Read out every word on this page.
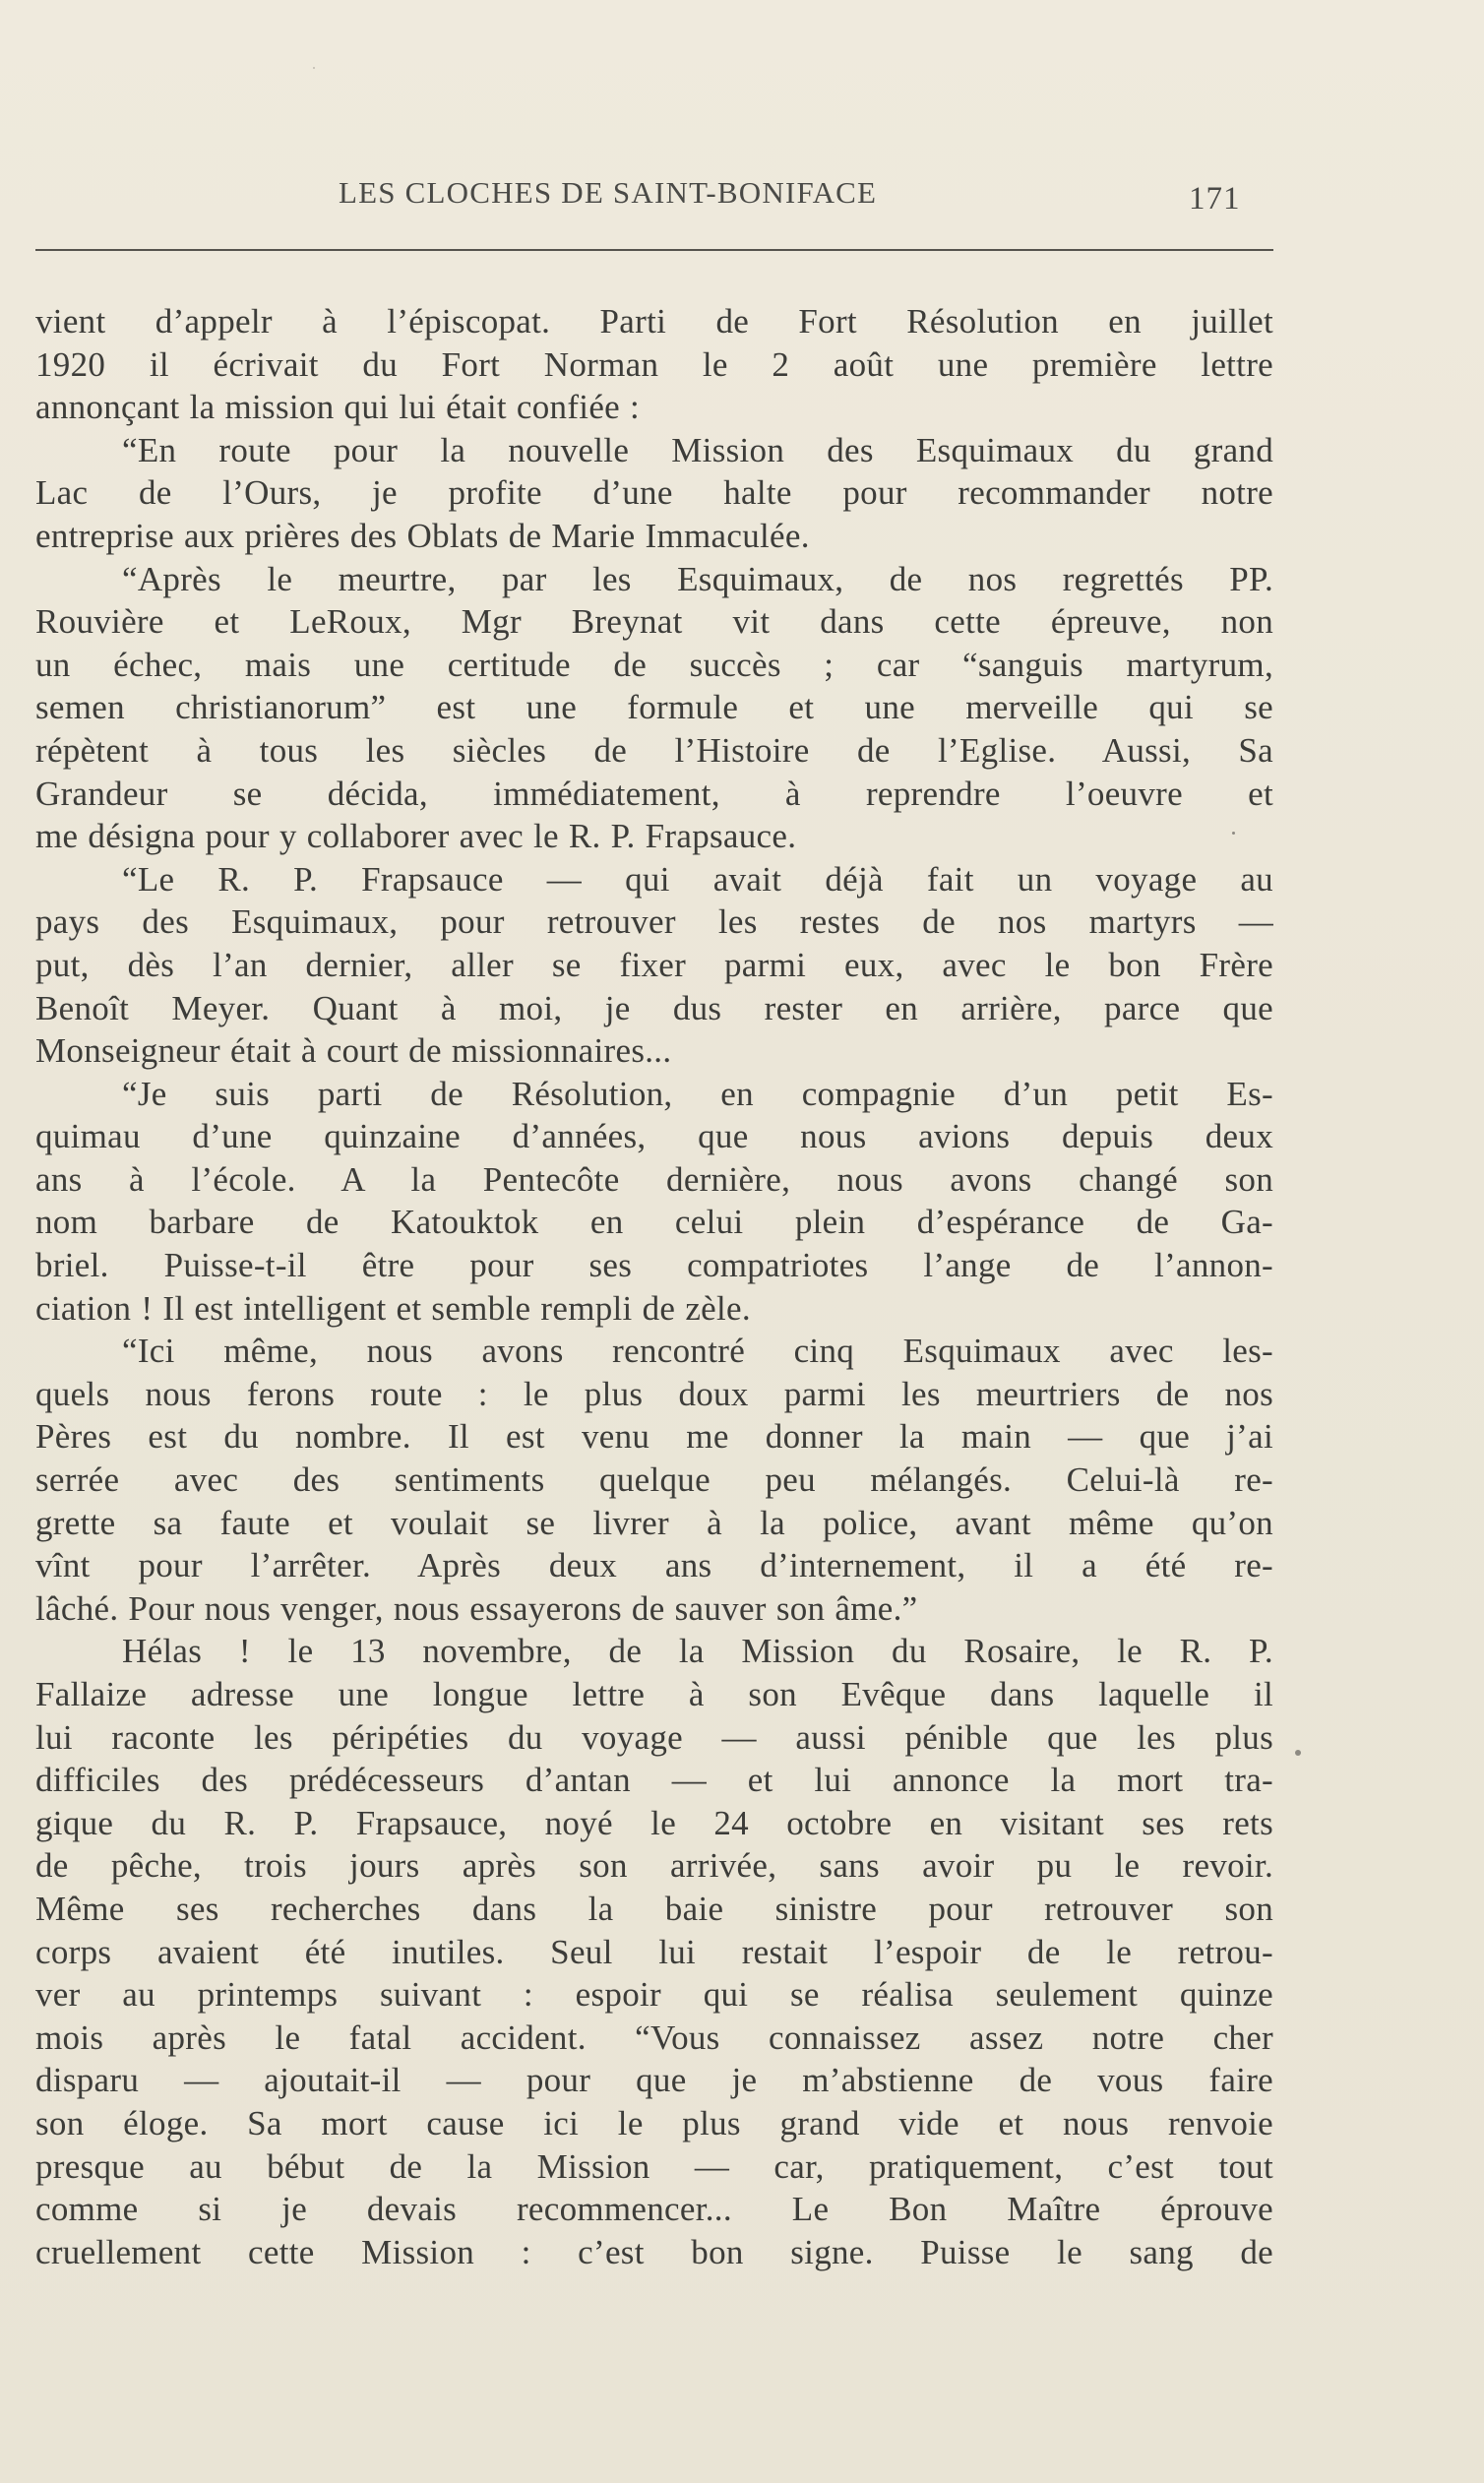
LES CLOCHES DE SAINT-BONIFACE	171
vient d’appelr à l’épiscopat. Parti de Fort Résolution en juillet
1920 il écrivait du Fort Norman le 2 août une première lettre
annonçant la mission qui lui était confiée :
“En route pour la nouvelle Mission des Esquimaux du grand
Lac de l’Ours, je profite d’une halte pour recommander notre
entreprise aux prières des Oblats de Marie Immaculée.
“Après le meurtre, par les Esquimaux, de nos regrettés PP.
Rouvière et LeRoux, Mgr Breynat vit dans cette épreuve, non
un échec, mais une certitude de succès ; car “sanguis martyrum,
semen christianorum” est une formule et une merveille qui se
répètent à tous les siècles de l’Histoire de l’Eglise. Aussi, Sa
Grandeur se décida, immédiatement, à reprendre l’oeuvre et
me désigna pour y collaborer avec le R. P. Frapsauce.
“Le R. P. Frapsauce — qui avait déjà fait un voyage au
pays des Esquimaux, pour retrouver les restes de nos martyrs —
put, dès l’an dernier, aller se fixer parmi eux, avec le bon Frère
Benoît Meyer. Quant à moi, je dus rester en arrière, parce que
Monseigneur était à court de missionnaires...
“Je suis parti de Résolution, en compagnie d’un petit Es-
quimau d’une quinzaine d’années, que nous avions depuis deux
ans à l’école. A la Pentecôte dernière, nous avons changé son
nom barbare de Katouktok en celui plein d’espérance de Ga-
briel. Puisse-t-il être pour ses compatriotes l’ange de l’annon-
ciation ! Il est intelligent et semble rempli de zèle.
“Ici même, nous avons rencontré cinq Esquimaux avec les-
quels nous ferons route : le plus doux parmi les meurtriers de nos
Pères est du nombre. Il est venu me donner la main — que j’ai
serrée avec des sentiments quelque peu mélangés. Celui-là re-
grette sa faute et voulait se livrer à la police, avant même qu’on
vînt pour l’arrêter. Après deux ans d’internement, il a été re-
lâché. Pour nous venger, nous essayerons de sauver son âme.”
Hélas ! le 13 novembre, de la Mission du Rosaire, le R. P.
Fallaize adresse une longue lettre à son Evêque dans laquelle il
lui raconte les péripéties du voyage — aussi pénible que les plus
difficiles des prédécesseurs d’antan — et lui annonce la mort tra-
gique du R. P. Frapsauce, noyé le 24 octobre en visitant ses rets
de pêche, trois jours après son arrivée, sans avoir pu le revoir.
Même ses recherches dans la baie sinistre pour retrouver son
corps avaient été inutiles. Seul lui restait l’espoir de le retrou-
ver au printemps suivant : espoir qui se réalisa seulement quinze
mois après le fatal accident. “Vous connaissez assez notre cher
disparu — ajoutait-il — pour que je m’abstienne de vous faire
son éloge. Sa mort cause ici le plus grand vide et nous renvoie
presque au bébut de la Mission — car, pratiquement, c’est tout
comme si je devais recommencer... Le Bon Maître éprouve
cruellement cette Mission : c’est bon signe. Puisse le sang de
